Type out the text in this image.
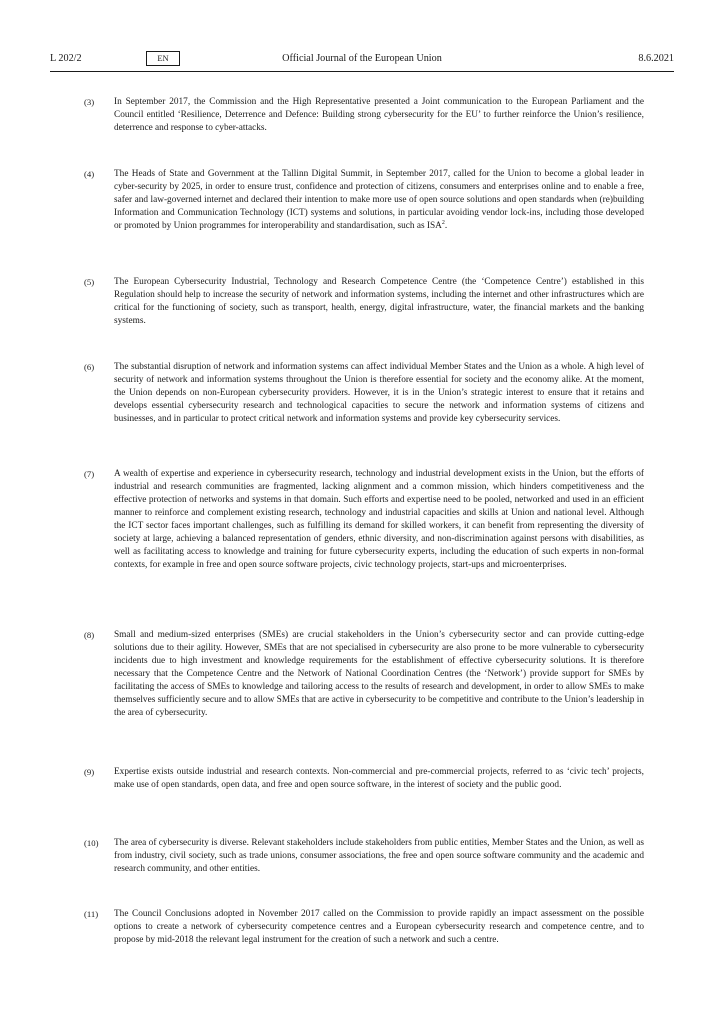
L 202/2	EN	Official Journal of the European Union	8.6.2021
(3) In September 2017, the Commission and the High Representative presented a Joint communication to the European Parliament and the Council entitled ‘Resilience, Deterrence and Defence: Building strong cybersecurity for the EU’ to further reinforce the Union’s resilience, deterrence and response to cyber-attacks.
(4) The Heads of State and Government at the Tallinn Digital Summit, in September 2017, called for the Union to become a global leader in cyber-security by 2025, in order to ensure trust, confidence and protection of citizens, consumers and enterprises online and to enable a free, safer and law-governed internet and declared their intention to make more use of open source solutions and open standards when (re)building Information and Communication Technology (ICT) systems and solutions, in particular avoiding vendor lock-ins, including those developed or promoted by Union programmes for interoperability and standardisation, such as ISA$^2$.
(5) The European Cybersecurity Industrial, Technology and Research Competence Centre (the ‘Competence Centre’) established in this Regulation should help to increase the security of network and information systems, including the internet and other infrastructures which are critical for the functioning of society, such as transport, health, energy, digital infrastructure, water, the financial markets and the banking systems.
(6) The substantial disruption of network and information systems can affect individual Member States and the Union as a whole. A high level of security of network and information systems throughout the Union is therefore essential for society and the economy alike. At the moment, the Union depends on non-European cybersecurity providers. However, it is in the Union’s strategic interest to ensure that it retains and develops essential cybersecurity research and technological capacities to secure the network and information systems of citizens and businesses, and in particular to protect critical network and information systems and provide key cybersecurity services.
(7) A wealth of expertise and experience in cybersecurity research, technology and industrial development exists in the Union, but the efforts of industrial and research communities are fragmented, lacking alignment and a common mission, which hinders competitiveness and the effective protection of networks and systems in that domain. Such efforts and expertise need to be pooled, networked and used in an efficient manner to reinforce and complement existing research, technology and industrial capacities and skills at Union and national level. Although the ICT sector faces important challenges, such as fulfilling its demand for skilled workers, it can benefit from representing the diversity of society at large, achieving a balanced representation of genders, ethnic diversity, and non-discrimination against persons with disabilities, as well as facilitating access to knowledge and training for future cybersecurity experts, including the education of such experts in non-formal contexts, for example in free and open source software projects, civic technology projects, start-ups and microenterprises.
(8) Small and medium-sized enterprises (SMEs) are crucial stakeholders in the Union’s cybersecurity sector and can provide cutting-edge solutions due to their agility. However, SMEs that are not specialised in cybersecurity are also prone to be more vulnerable to cybersecurity incidents due to high investment and knowledge requirements for the establishment of effective cybersecurity solutions. It is therefore necessary that the Competence Centre and the Network of National Coordination Centres (the ‘Network’) provide support for SMEs by facilitating the access of SMEs to knowledge and tailoring access to the results of research and development, in order to allow SMEs to make themselves sufficiently secure and to allow SMEs that are active in cybersecurity to be competitive and contribute to the Union’s leadership in the area of cybersecurity.
(9) Expertise exists outside industrial and research contexts. Non-commercial and pre-commercial projects, referred to as ‘civic tech’ projects, make use of open standards, open data, and free and open source software, in the interest of society and the public good.
(10) The area of cybersecurity is diverse. Relevant stakeholders include stakeholders from public entities, Member States and the Union, as well as from industry, civil society, such as trade unions, consumer associations, the free and open source software community and the academic and research community, and other entities.
(11) The Council Conclusions adopted in November 2017 called on the Commission to provide rapidly an impact assessment on the possible options to create a network of cybersecurity competence centres and a European cybersecurity research and competence centre, and to propose by mid-2018 the relevant legal instrument for the creation of such a network and such a centre.
